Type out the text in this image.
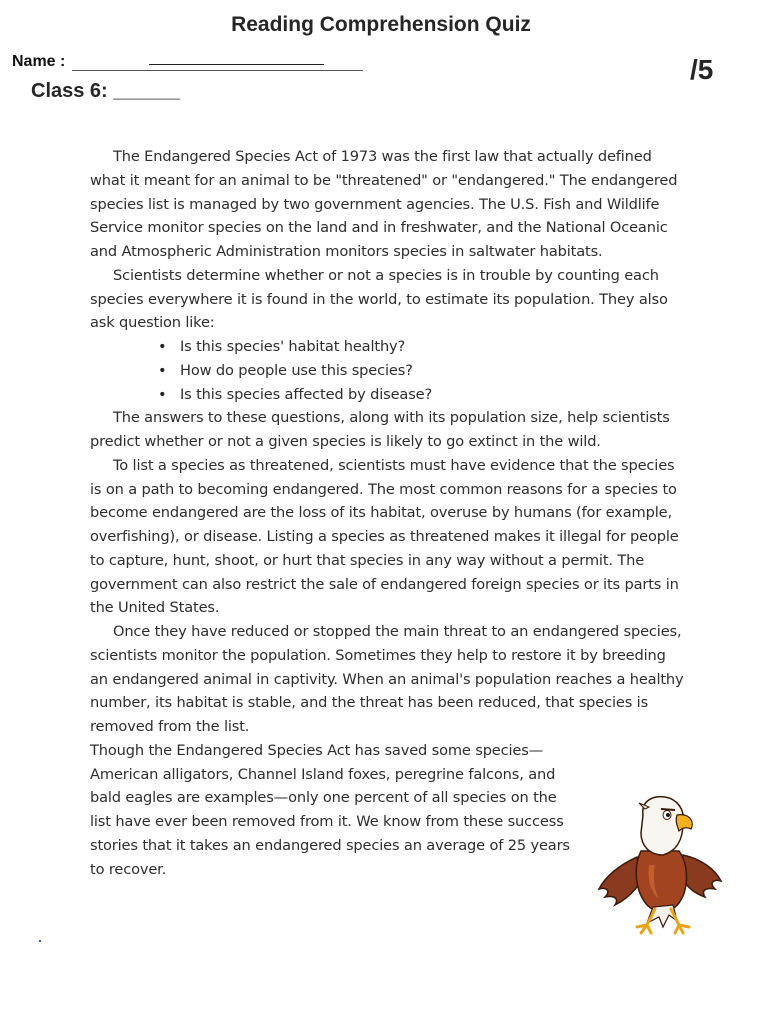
Reading Comprehension Quiz
Name :	/5
Class 6: ______

The Endangered Species Act of 1973 was the first law that actually defined what it meant for an animal to be "threatened" or "endangered." The endangered species list is managed by two government agencies. The U.S. Fish and Wildlife Service monitor species on the land and in freshwater, and the National Oceanic and Atmospheric Administration monitors species in saltwater habitats.

Scientists determine whether or not a species is in trouble by counting each species everywhere it is found in the world, to estimate its population. They also ask question like:

• Is this species' habitat healthy?
• How do people use this species?
• Is this species affected by disease?

The answers to these questions, along with its population size, help scientists predict whether or not a given species is likely to go extinct in the wild.

To list a species as threatened, scientists must have evidence that the species is on a path to becoming endangered. The most common reasons for a species to become endangered are the loss of its habitat, overuse by humans (for example, overfishing), or disease. Listing a species as threatened makes it illegal for people to capture, hunt, shoot, or hurt that species in any way without a permit. The government can also restrict the sale of endangered foreign species or its parts in the United States.

Once they have reduced or stopped the main threat to an endangered species, scientists monitor the population. Sometimes they help to restore it by breeding an endangered animal in captivity. When an animal's population reaches a healthy number, its habitat is stable, and the threat has been reduced, that species is removed from the list.

Though the Endangered Species Act has saved some species—American alligators, Channel Island foxes, peregrine falcons, and bald eagles are examples—only one percent of all species on the list have ever been removed from it. We know from these success stories that it takes an endangered species an average of 25 years to recover.
